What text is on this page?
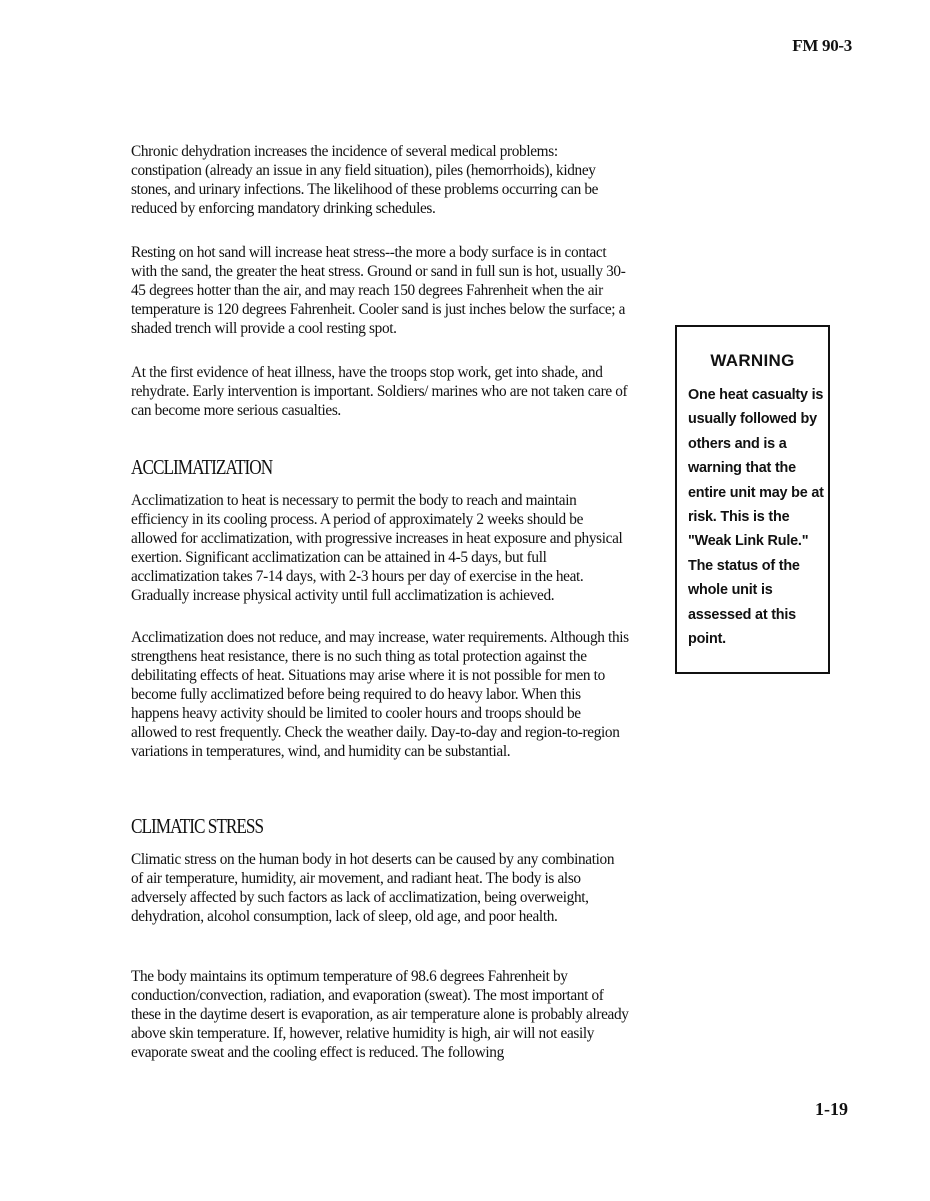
FM 90-3

Chronic dehydration increases the incidence of several medical problems: constipation (already an issue in any field situation), piles (hemorrhoids), kidney stones, and urinary infections. The likelihood of these problems occurring can be reduced by enforcing mandatory drinking schedules.

Resting on hot sand will increase heat stress--the more a body surface is in contact with the sand, the greater the heat stress. Ground or sand in full sun is hot, usually 30-45 degrees hotter than the air, and may reach 150 degrees Fahrenheit when the air temperature is 120 degrees Fahrenheit. Cooler sand is just inches below the surface; a shaded trench will provide a cool resting spot.

At the first evidence of heat illness, have the troops stop work, get into shade, and rehydrate. Early intervention is important. Soldiers/ marines who are not taken care of can become more serious casualties.

ACCLIMATIZATION

Acclimatization to heat is necessary to permit the body to reach and maintain efficiency in its cooling process. A period of approximately 2 weeks should be allowed for acclimatization, with progressive increases in heat exposure and physical exertion. Significant acclimatization can be attained in 4-5 days, but full acclimatization takes 7-14 days, with 2-3 hours per day of exercise in the heat. Gradually increase physical activity until full acclimatization is achieved.

Acclimatization does not reduce, and may increase, water requirements. Although this strengthens heat resistance, there is no such thing as total protection against the debilitating effects of heat. Situations may arise where it is not possible for men to become fully acclimatized before being required to do heavy labor. When this happens heavy activity should be limited to cooler hours and troops should be allowed to rest frequently. Check the weather daily. Day-to-day and region-to-region variations in temperatures, wind, and humidity can be substantial.

CLIMATIC STRESS

Climatic stress on the human body in hot deserts can be caused by any combination of air temperature, humidity, air movement, and radiant heat. The body is also adversely affected by such factors as lack of acclimatization, being overweight, dehydration, alcohol consumption, lack of sleep, old age, and poor health.

The body maintains its optimum temperature of 98.6 degrees Fahrenheit by conduction/convection, radiation, and evaporation (sweat). The most important of these in the daytime desert is evaporation, as air temperature alone is probably already above skin temperature. If, however, relative humidity is high, air will not easily evaporate sweat and the cooling effect is reduced. The following

WARNING
One heat casualty is usually followed by others and is a warning that the entire unit may be at risk. This is the "Weak Link Rule." The status of the whole unit is assessed at this point.
1-19
